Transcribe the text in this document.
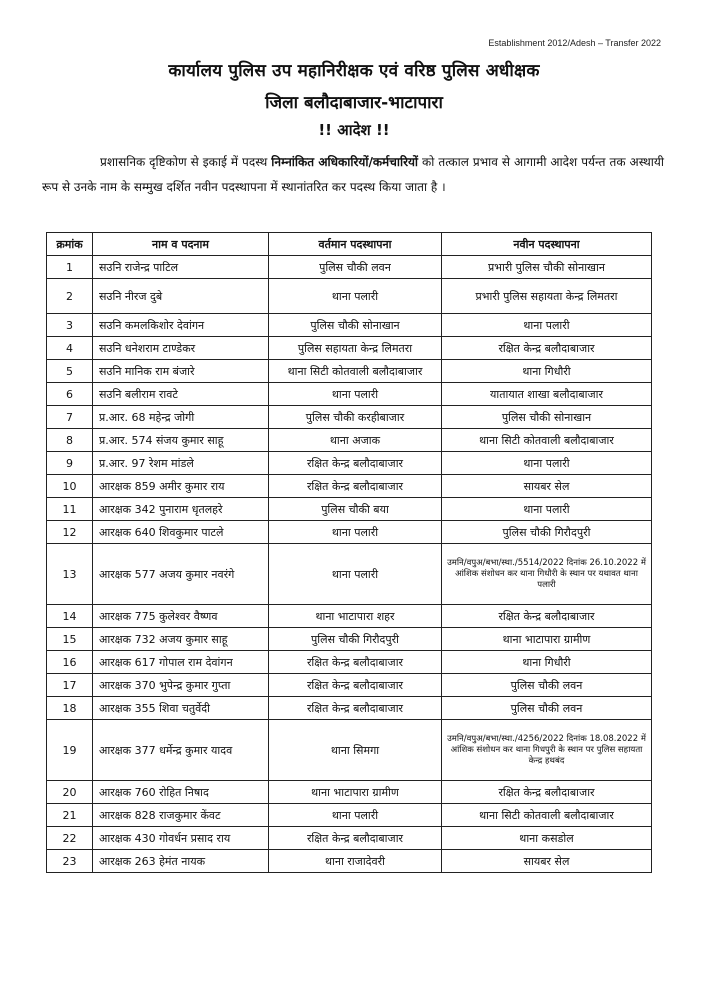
Establishment 2012/Adesh – Transfer 2022
कार्यालय पुलिस उप महानिरीक्षक एवं वरिष्ठ पुलिस अधीक्षक
जिला बलौदाबाजार-भाटापारा
!! आदेश !!
प्रशासनिक दृष्टिकोण से इकाई में पदस्थ निम्नांकित अधिकारियों/कर्मचारियों को तत्काल प्रभाव से आगामी आदेश पर्यन्त तक अस्थायी रूप से उनके नाम के सम्मुख दर्शित नवीन पदस्थापना में स्थानांतरित कर पदस्थ किया जाता है ।
क्रमांक	नाम व पदनाम	वर्तमान पदस्थापना	नवीन पदस्थापना
1	सउनि राजेन्द्र पाटिल	पुलिस चौकी लवन	प्रभारी पुलिस चौकी सोनाखान
2	सउनि नीरज दुबे	थाना पलारी	प्रभारी पुलिस सहायता केन्द्र लिमतरा
3	सउनि कमलकिशोर देवांगन	पुलिस चौकी सोनाखान	थाना पलारी
4	सउनि धनेशराम टाण्डेकर	पुलिस सहायता केन्द्र लिमतरा	रक्षित केन्द्र बलौदाबाजार
5	सउनि मानिक राम बंजारे	थाना सिटी कोतवाली बलौदाबाजार	थाना गिधौरी
6	सउनि बलीराम रावटे	थाना पलारी	यातायात शाखा बलौदाबाजार
7	प्र.आर. 68 महेन्द्र जोगी	पुलिस चौकी करहीबाजार	पुलिस चौकी सोनाखान
8	प्र.आर. 574 संजय कुमार साहू	थाना अजाक	थाना सिटी कोतवाली बलौदाबाजार
9	प्र.आर. 97 रेशम मांडले	रक्षित केन्द्र बलौदाबाजार	थाना पलारी
10	आरक्षक 859 अमीर कुमार राय	रक्षित केन्द्र बलौदाबाजार	सायबर सेल
11	आरक्षक 342 पुनाराम धृतलहरे	पुलिस चौकी बया	थाना पलारी
12	आरक्षक 640 शिवकुमार पाटले	थाना पलारी	पुलिस चौकी गिरौदपुरी
13	आरक्षक 577 अजय कुमार नवरंगे	थाना पलारी	उमनि/वपुअ/बभा/स्था./5514/2022 दिनांक 26.10.2022 में आंशिक संशोधन कर थाना गिधौरी के स्थान पर यथावत थाना पलारी
14	आरक्षक 775 कुलेश्वर वैष्णव	थाना भाटापारा शहर	रक्षित केन्द्र बलौदाबाजार
15	आरक्षक 732 अजय कुमार साहू	पुलिस चौकी गिरौदपुरी	थाना भाटापारा ग्रामीण
16	आरक्षक 617 गोपाल राम देवांगन	रक्षित केन्द्र बलौदाबाजार	थाना गिधौरी
17	आरक्षक 370 भुपेन्द्र कुमार गुप्ता	रक्षित केन्द्र बलौदाबाजार	पुलिस चौकी लवन
18	आरक्षक 355 शिवा चतुर्वेदी	रक्षित केन्द्र बलौदाबाजार	पुलिस चौकी लवन
19	आरक्षक 377 धर्मेन्द्र कुमार यादव	थाना सिमगा	उमनि/वपुअ/बभा/स्था./4256/2022 दिनांक 18.08.2022 में आंशिक संशोधन कर थाना गिधपुरी के स्थान पर पुलिस सहायता केन्द्र हथबंद
20	आरक्षक 760 रोहित निषाद	थाना भाटापारा ग्रामीण	रक्षित केन्द्र बलौदाबाजार
21	आरक्षक 828 राजकुमार केंवट	थाना पलारी	थाना सिटी कोतवाली बलौदाबाजार
22	आरक्षक 430 गोवर्धन प्रसाद राय	रक्षित केन्द्र बलौदाबाजार	थाना कसडोल
23	आरक्षक 263 हेमंत नायक	थाना राजादेवरी	सायबर सेल
